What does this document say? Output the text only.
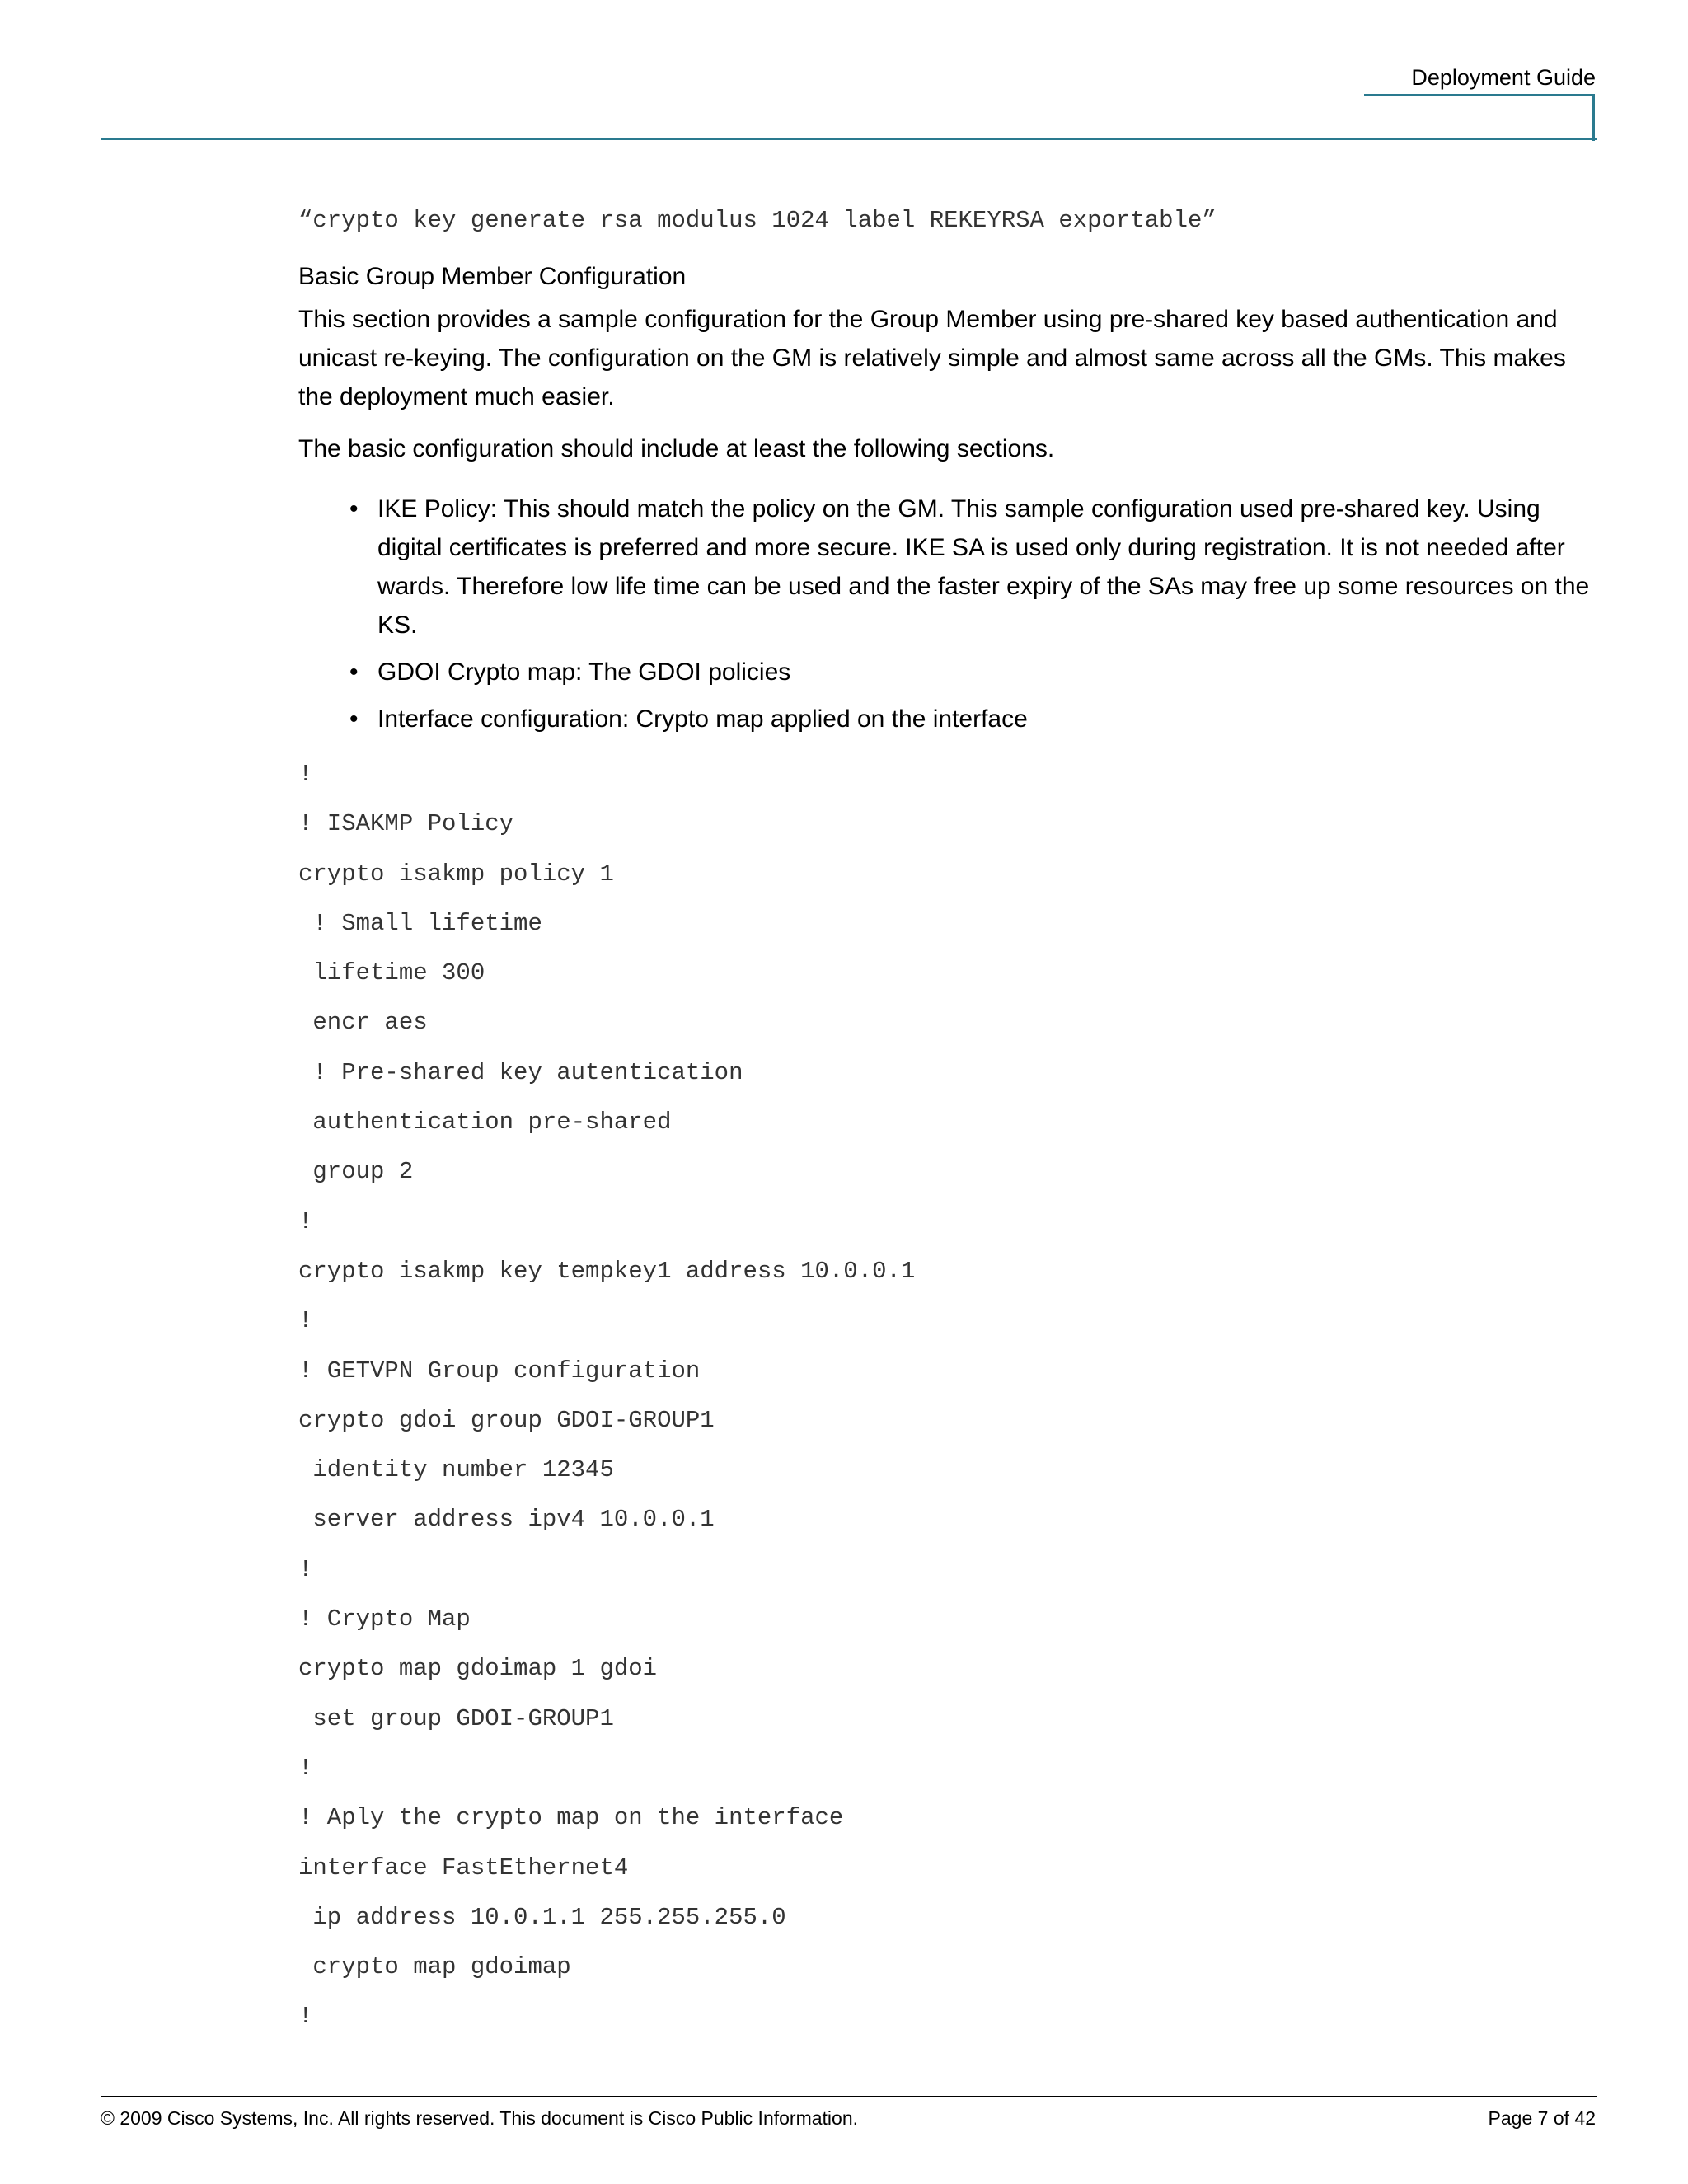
Deployment Guide
“crypto key generate rsa modulus 1024 label REKEYRSA exportable”
Basic Group Member Configuration

This section provides a sample configuration for the Group Member using pre-shared key based authentication and unicast re-keying. The configuration on the GM is relatively simple and almost same across all the GMs. This makes the deployment much easier.

The basic configuration should include at least the following sections.

• IKE Policy: This should match the policy on the GM. This sample configuration used pre-shared key. Using digital certificates is preferred and more secure. IKE SA is used only during registration. It is not needed after wards. Therefore low life time can be used and the faster expiry of the SAs may free up some resources on the KS.
• GDOI Crypto map: The GDOI policies
• Interface configuration: Crypto map applied on the interface
!
! ISAKMP Policy
crypto isakmp policy 1
! Small lifetime
lifetime 300
encr aes
! Pre-shared key autentication
authentication pre-shared
group 2
!
crypto isakmp key tempkey1 address 10.0.0.1
!
! GETVPN Group configuration
crypto gdoi group GDOI-GROUP1
identity number 12345
server address ipv4 10.0.0.1
!
! Crypto Map
crypto map gdoimap 1 gdoi
set group GDOI-GROUP1
!
! Aply the crypto map on the interface
interface FastEthernet4
ip address 10.0.1.1 255.255.255.0
crypto map gdoimap
!
© 2009 Cisco Systems, Inc. All rights reserved. This document is Cisco Public Information.	Page 7 of 42
